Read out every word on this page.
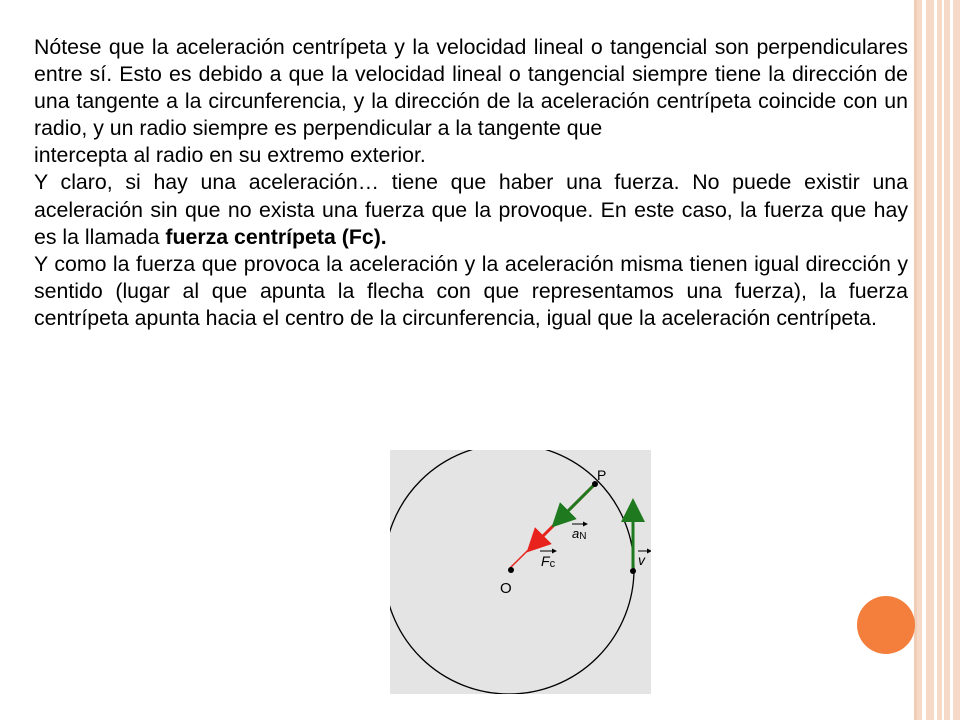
Nótese que la aceleración centrípeta y la velocidad lineal o tangencial son perpendiculares entre sí. Esto es debido a que la velocidad lineal o tangencial siempre tiene la dirección de una tangente a la circunferencia, y la dirección de la aceleración centrípeta coincide con un radio, y un radio siempre es perpendicular a la tangente que

intercepta al radio en su extremo exterior.

Y claro, si hay una aceleración… tiene que haber una fuerza. No puede existir una aceleración sin que no exista una fuerza que la provoque. En este caso, la fuerza que hay es la llamada fuerza centrípeta (Fc).

Y como la fuerza que provoca la aceleración y la aceleración misma tienen igual dirección y sentido (lugar al que apunta la flecha con que representamos una fuerza), la fuerza centrípeta apunta hacia el centro de la circunferencia, igual que la aceleración centrípeta.

P
O
aN
Fc	v
